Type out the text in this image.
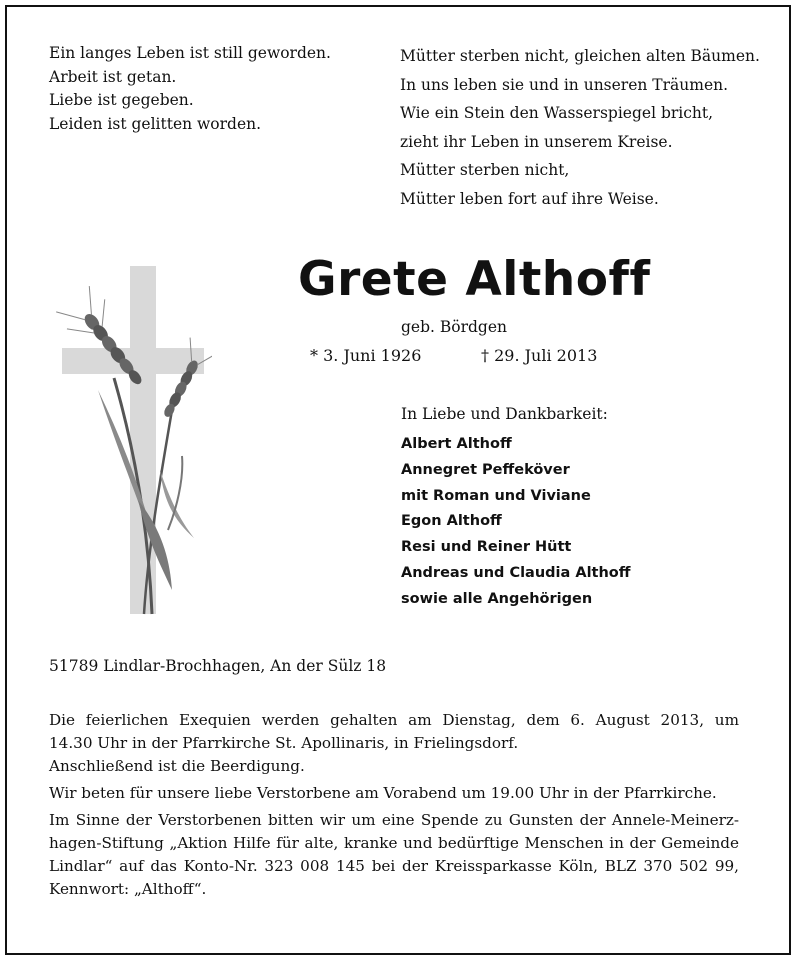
Ein langes Leben ist still geworden.
Arbeit ist getan.
Liebe ist gegeben.
Leiden ist gelitten worden.
Mütter sterben nicht, gleichen alten Bäumen.
In uns leben sie und in unseren Träumen.
Wie ein Stein den Wasserspiegel bricht,
zieht ihr Leben in unserem Kreise.
Mütter sterben nicht,
Mütter leben fort auf ihre Weise.
Grete Althoff
geb. Bördgen
* 3. Juni 1926	† 29. Juli 2013
In Liebe und Dankbarkeit:
Albert Althoff
Annegret Peffeköver
mit Roman und Viviane
Egon Althoff
Resi und Reiner Hütt
Andreas und Claudia Althoff
sowie alle Angehörigen
51789 Lindlar-Brochhagen, An der Sülz 18
Die feierlichen Exequien werden gehalten am Dienstag, dem 6. August 2013, um
14.30 Uhr in der Pfarrkirche St. Apollinaris, in Frielingsdorf.
Anschließend ist die Beerdigung.
Wir beten für unsere liebe Verstorbene am Vorabend um 19.00 Uhr in der Pfarrkirche.
Im Sinne der Verstorbenen bitten wir um eine Spende zu Gunsten der Annele-Meinerz-
hagen-Stiftung „Aktion Hilfe für alte, kranke und bedürftige Menschen in der Gemeinde
Lindlar“ auf das Konto-Nr. 323 008 145 bei der Kreissparkasse Köln, BLZ 370 502 99,
Kennwort: „Althoff“.
